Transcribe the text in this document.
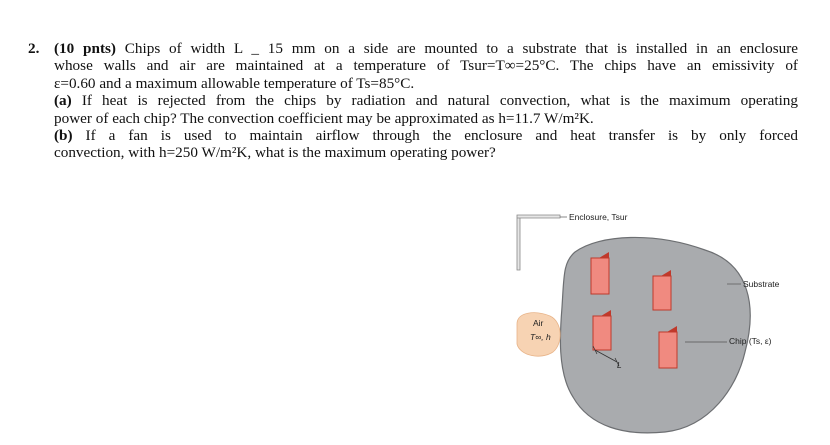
2. (10 pnts) Chips of width L _ 15 mm on a side are mounted to a substrate that is installed in an enclosure
whose walls and air are maintained at a temperature of Tsur=T∞=25°C. The chips have an emissivity of
ε=0.60 and a maximum allowable temperature of Ts=85°C.
(a) If heat is rejected from the chips by radiation and natural convection, what is the maximum operating
power of each chip? The convection coefficient may be approximated as h=11.7 W/m²K.
(b) If a fan is used to maintain airflow through the enclosure and heat transfer is by only forced
convection, with h=250 W/m²K, what is the maximum operating power?
Enclosure, Tsur
Substrate
Chip (Ts, ε)
Air
T∞, h
L
